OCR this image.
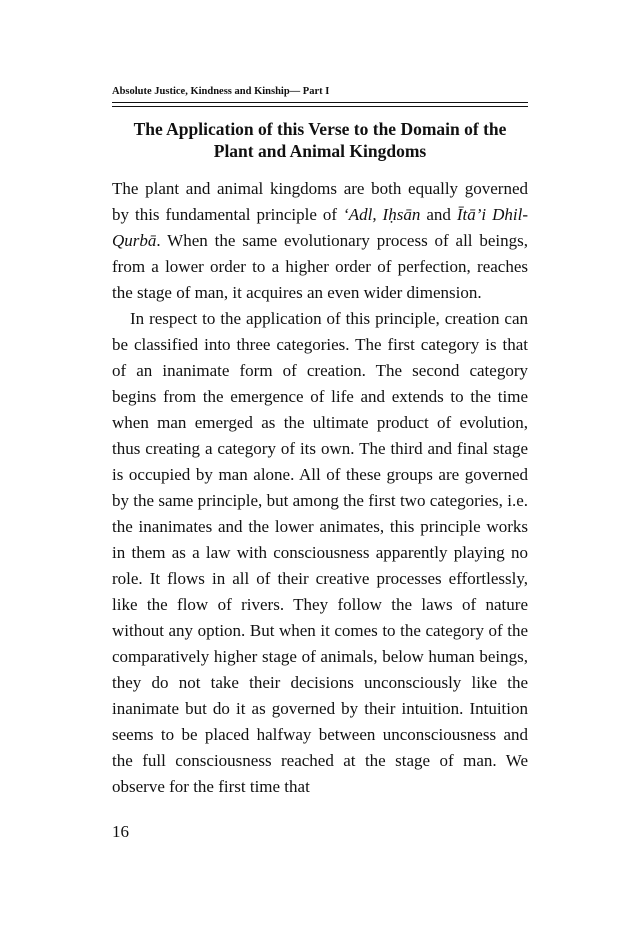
Absolute Justice, Kindness and Kinship— Part I
The Application of this Verse to the Domain of the Plant and Animal Kingdoms

The plant and animal kingdoms are both equally governed by this fundamental principle of ‘Adl, Iḥsān and Ītā’i Dhil-Qurbā. When the same evolutionary process of all beings, from a lower order to a higher order of perfection, reaches the stage of man, it acquires an even wider dimension.

In respect to the application of this principle, creation can be classified into three categories. The first category is that of an inanimate form of creation. The second category begins from the emergence of life and extends to the time when man emerged as the ultimate product of evolution, thus creating a category of its own. The third and final stage is occupied by man alone. All of these groups are governed by the same principle, but among the first two categories, i.e. the inanimates and the lower animates, this principle works in them as a law with consciousness apparently playing no role. It flows in all of their creative processes effortlessly, like the flow of rivers. They follow the laws of nature without any option. But when it comes to the category of the comparatively higher stage of animals, below human beings, they do not take their decisions unconsciously like the inanimate but do it as governed by their intuition. Intuition seems to be placed halfway between unconsciousness and the full consciousness reached at the stage of man. We observe for the first time that

16
